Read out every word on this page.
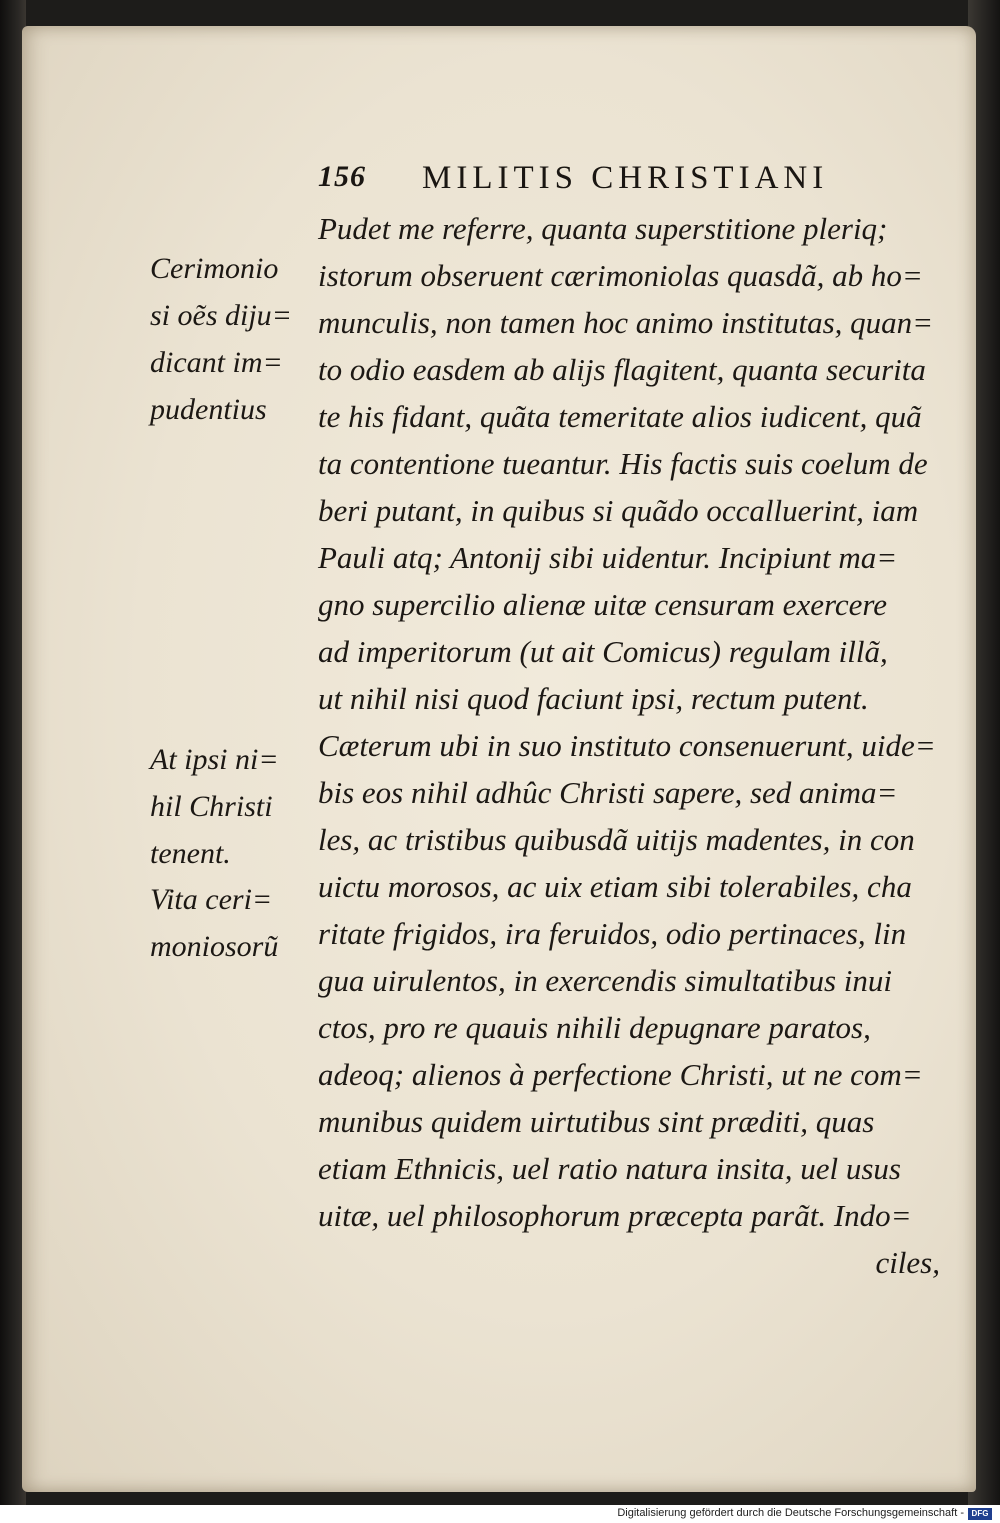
156 MILITIS CHRISTIANI
Pudet me referre, quanta superstitione pleriq;
istorum obseruent cærimoniolas quasdã, ab ho=
munculis, non tamen hoc animo institutas, quan=
to odio easdem ab alijs flagitent, quanta securita
te his fidant, quãta temeritate alios iudicent, quã
ta contentione tueantur. His factis suis coelum de
beri putant, in quibus si quãdo occalluerint, iam
Pauli atq; Antonij sibi uidentur. Incipiunt ma=
gno supercilio alienæ uitæ censuram exercere
ad imperitorum (ut ait Comicus) regulam illã,
ut nihil nisi quod faciunt ipsi, rectum putent.
Cæterum ubi in suo instituto consenuerunt, uide=
bis eos nihil adhûc Christi sapere, sed anima=
les, ac tristibus quibusdã uitijs madentes, in con
uictu morosos, ac uix etiam sibi tolerabiles, cha
ritate frigidos, ira feruidos, odio pertinaces, lin
gua uirulentos, in exercendis simultatibus inui
ctos, pro re quauis nihili depugnare paratos,
adeoq; alienos à perfectione Christi, ut ne com=
munibus quidem uirtutibus sint præditi, quas
etiam Ethnicis, uel ratio natura insita, uel usus
uitæ, uel philosophorum præcepta parãt. Indo=
ciles,
Cerimonio
si oẽs diju=
dicant im=
pudentius
At ipsi ni=
hil Christi
tenent.
Vita ceri=
moniosorũ
Digitalisierung gefördert durch die Deutsche Forschungsgemeinschaft - DFG
